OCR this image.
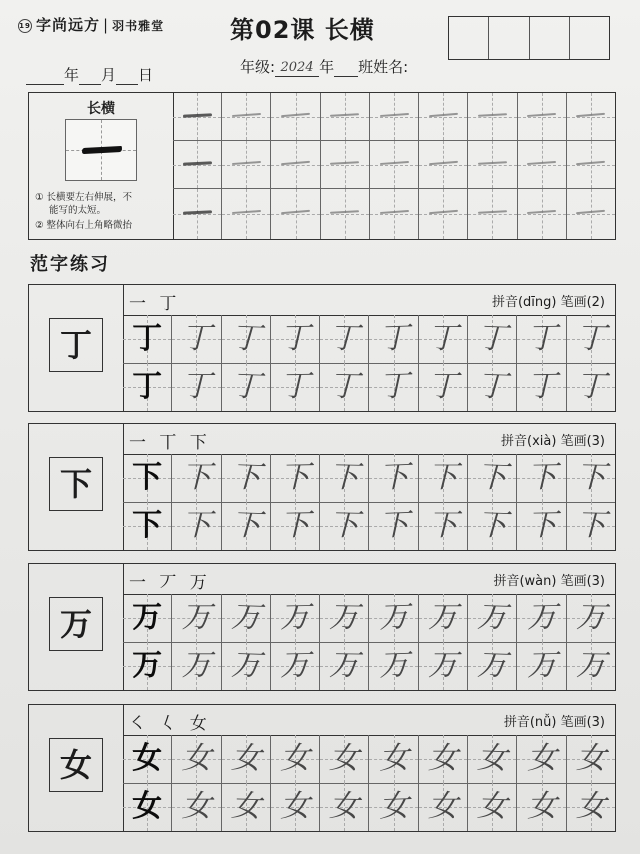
19 字尚远方 | 羽书雅堂	第02课 长横
年 月 日	年级: 2024 年 班姓名:
长横
① 长横要左右伸展，不
能写的太短。
② 整体向右上角略微抬
范字练习
丁
一 丁	拼音(dīng) 笔画(2)
丁 丁 丁 丁 丁 丁 丁 丁 丁 丁
丁 丁 丁 丁 丁 丁 丁 丁 丁 丁
下
一 丅 下	拼音(xià) 笔画(3)
下 下 下 下 下 下 下 下 下 下
下 下 下 下 下 下 下 下 下 下
万
一 丆 万	拼音(wàn) 笔画(3)
万 万 万 万 万 万 万 万 万 万
万 万 万 万 万 万 万 万 万 万
女
㇛ 𡿨 女	拼音(nǚ) 笔画(3)
女 女 女 女 女 女 女 女 女 女
女 女 女 女 女 女 女 女 女 女
